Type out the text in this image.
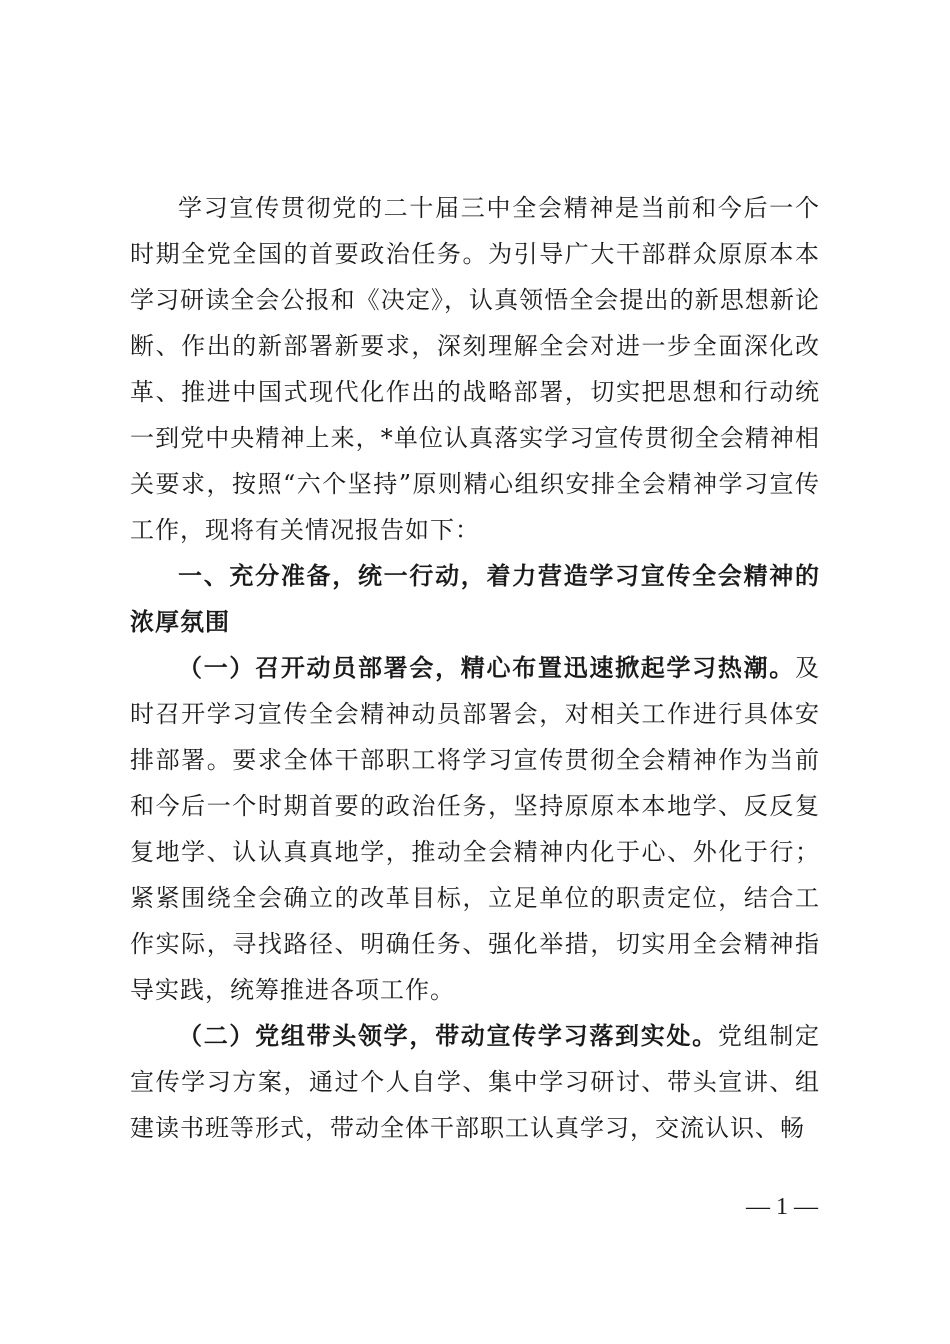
学习宣传贯彻党的二十届三中全会精神是当前和今后一个时期全党全国的首要政治任务。为引导广大干部群众原原本本学习研读全会公报和《决定》，认真领悟全会提出的新思想新论断、作出的新部署新要求，深刻理解全会对进一步全面深化改革、推进中国式现代化作出的战略部署，切实把思想和行动统一到党中央精神上来，*单位认真落实学习宣传贯彻全会精神相关要求，按照“六个坚持”原则精心组织安排全会精神学习宣传工作，现将有关情况报告如下：

一、充分准备，统一行动，着力营造学习宣传全会精神的浓厚氛围

（一）召开动员部署会，精心布置迅速掀起学习热潮。及时召开学习宣传全会精神动员部署会，对相关工作进行具体安排部署。要求全体干部职工将学习宣传贯彻全会精神作为当前和今后一个时期首要的政治任务，坚持原原本本地学、反反复复地学、认认真真地学，推动全会精神内化于心、外化于行；紧紧围绕全会确立的改革目标，立足单位的职责定位，结合工作实际，寻找路径、明确任务、强化举措，切实用全会精神指导实践，统筹推进各项工作。

（二）党组带头领学，带动宣传学习落到实处。党组制定宣传学习方案，通过个人自学、集中学习研讨、带头宣讲、组建读书班等形式，带动全体干部职工认真学习，交流认识、畅

— 1 —
